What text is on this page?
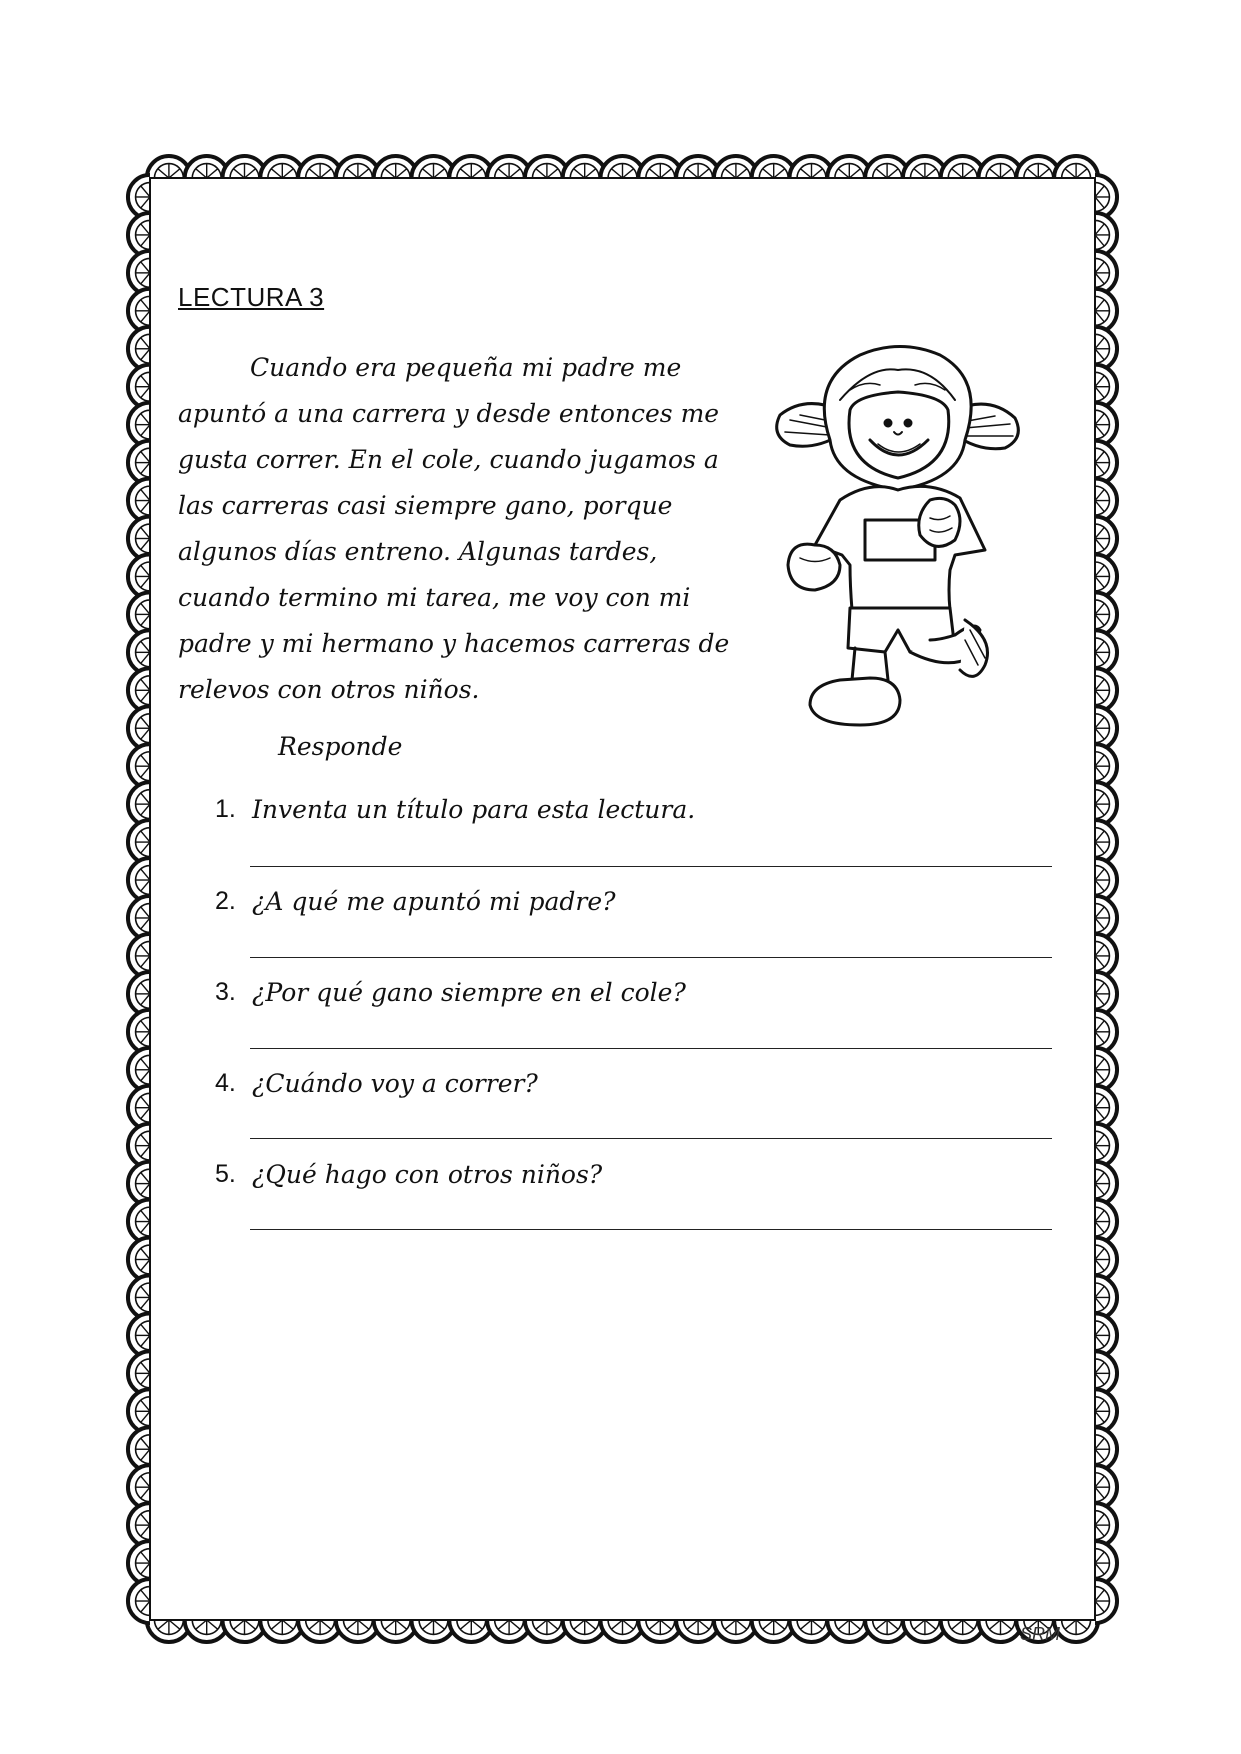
LECTURA 3
Cuando era pequeña mi padre me
apuntó a una carrera y desde entonces me
gusta correr. En el cole, cuando jugamos a
las carreras casi siempre gano, porque
algunos días entreno. Algunas tardes,
cuando termino mi tarea, me voy con mi
padre y mi hermano y hacemos carreras de
relevos con otros niños.

Responde

1. Inventa un título para esta lectura.
2. ¿A qué me apuntó mi padre?
3. ¿Por qué gano siempre en el cole?
4. ¿Cuándo voy a correr?
5. ¿Qué hago con otros niños?
SRM
